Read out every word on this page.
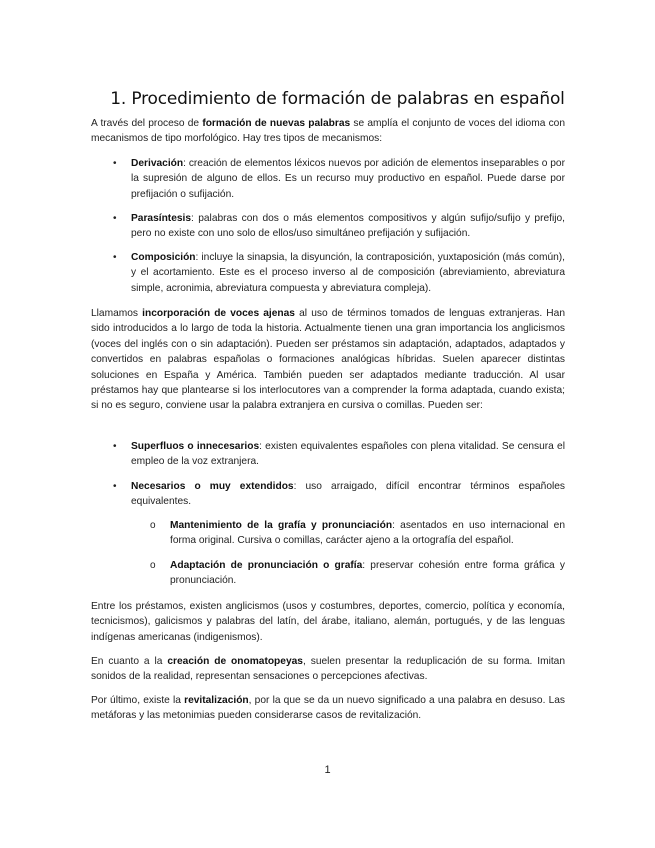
1. Procedimiento de formación de palabras en español

A través del proceso de formación de nuevas palabras se amplía el conjunto de voces del idioma con mecanismos de tipo morfológico. Hay tres tipos de mecanismos:

•	Derivación: creación de elementos léxicos nuevos por adición de elementos inseparables o por la supresión de alguno de ellos. Es un recurso muy productivo en español. Puede darse por prefijación o sufijación.

•	Parasíntesis: palabras con dos o más elementos compositivos y algún sufijo/sufijo y prefijo, pero no existe con uno solo de ellos/uso simultáneo prefijación y sufijación.

•	Composición: incluye la sinapsia, la disyunción, la contraposición, yuxtaposición (más común), y el acortamiento. Este es el proceso inverso al de composición (abreviamiento, abreviatura simple, acronimia, abreviatura compuesta y abreviatura compleja).

Llamamos incorporación de voces ajenas al uso de términos tomados de lenguas extranjeras. Han sido introducidos a lo largo de toda la historia. Actualmente tienen una gran importancia los anglicismos (voces del inglés con o sin adaptación). Pueden ser préstamos sin adaptación, adaptados, adaptados y convertidos en palabras españolas o formaciones analógicas híbridas. Suelen aparecer distintas soluciones en España y América. También pueden ser adaptados mediante traducción. Al usar préstamos hay que plantearse si los interlocutores van a comprender la forma adaptada, cuando exista; si no es seguro, conviene usar la palabra extranjera en cursiva o comillas. Pueden ser:

•	Superfluos o innecesarios: existen equivalentes españoles con plena vitalidad. Se censura el empleo de la voz extranjera.

•	Necesarios o muy extendidos: uso arraigado, difícil encontrar términos españoles equivalentes.

o Mantenimiento de la grafía y pronunciación: asentados en uso internacional en forma original. Cursiva o comillas, carácter ajeno a la ortografía del español.

o Adaptación de pronunciación o grafía: preservar cohesión entre forma gráfica y pronunciación.

Entre los préstamos, existen anglicismos (usos y costumbres, deportes, comercio, política y economía, tecnicismos), galicismos y palabras del latín, del árabe, italiano, alemán, portugués, y de las lenguas indígenas americanas (indigenismos).

En cuanto a la creación de onomatopeyas, suelen presentar la reduplicación de su forma. Imitan sonidos de la realidad, representan sensaciones o percepciones afectivas.

Por último, existe la revitalización, por la que se da un nuevo significado a una palabra en desuso. Las metáforas y las metonimias pueden considerarse casos de revitalización.

1
